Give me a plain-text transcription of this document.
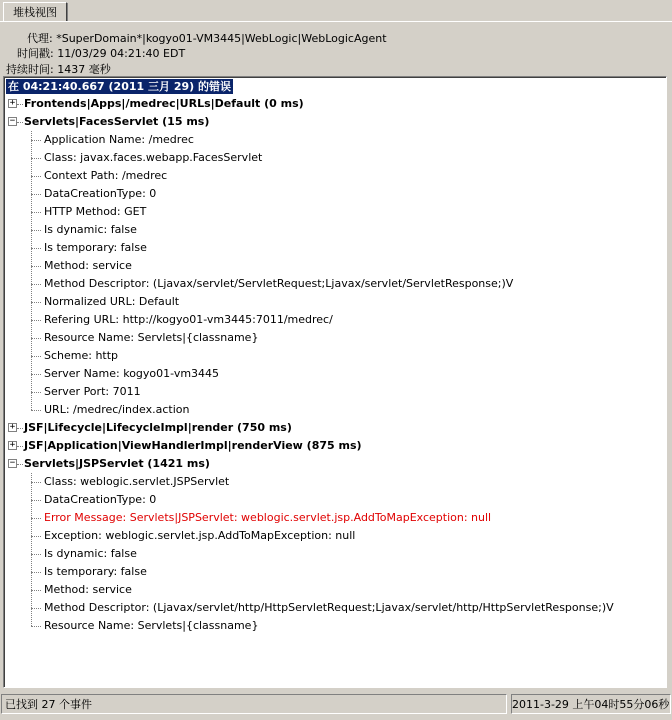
堆栈视图
代理: *SuperDomain*|kogyo01-VM3445|WebLogic|WebLogicAgent
时间戳: 11/03/29 04:21:40 EDT
持续时间: 1437 毫秒
在 04:21:40.667 (2011 三月 29) 的错误
+ Frontends|Apps|/medrec|URLs|Default (0 ms)
− Servlets|FacesServlet (15 ms)
Application Name: /medrec
Class: javax.faces.webapp.FacesServlet
Context Path: /medrec
DataCreationType: 0
HTTP Method: GET
Is dynamic: false
Is temporary: false
Method: service
Method Descriptor: (Ljavax/servlet/ServletRequest;Ljavax/servlet/ServletResponse;)V
Normalized URL: Default
Refering URL: http://kogyo01-vm3445:7011/medrec/
Resource Name: Servlets|{classname}
Scheme: http
Server Name: kogyo01-vm3445
Server Port: 7011
URL: /medrec/index.action
+ JSF|Lifecycle|LifecycleImpl|render (750 ms)
+ JSF|Application|ViewHandlerImpl|renderView (875 ms)
− Servlets|JSPServlet (1421 ms)
Class: weblogic.servlet.JSPServlet
DataCreationType: 0
Error Message: Servlets|JSPServlet: weblogic.servlet.jsp.AddToMapException: null
Exception: weblogic.servlet.jsp.AddToMapException: null
Is dynamic: false
Is temporary: false
Method: service
Method Descriptor: (Ljavax/servlet/http/HttpServletRequest;Ljavax/servlet/http/HttpServletResponse;)V
Resource Name: Servlets|{classname}
已找到 27 个事件	2011-3-29 上午04时55分06秒
